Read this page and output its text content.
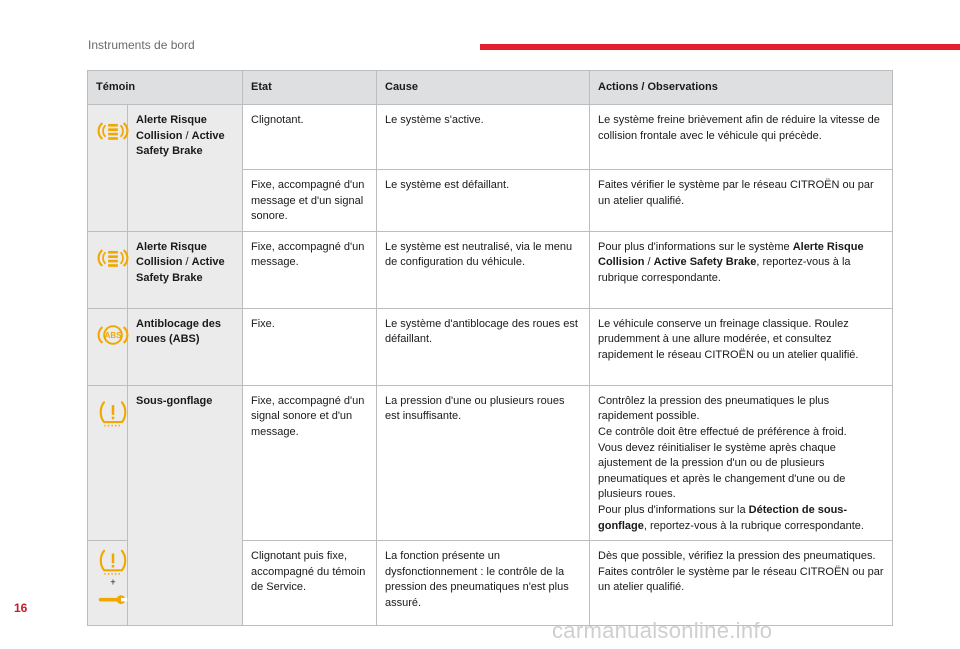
Instruments de bord
Témoin		Etat	Cause	Actions / Observations
	Alerte Risque Collision / Active Safety Brake	Clignotant.	Le système s'active.	Le système freine brièvement afin de réduire la vitesse de collision frontale avec le véhicule qui précède.
		Fixe, accompagné d'un message et d'un signal sonore.	Le système est défaillant.	Faites vérifier le système par le réseau CITROËN ou par un atelier qualifié.
	Alerte Risque Collision / Active Safety Brake	Fixe, accompagné d'un message.	Le système est neutralisé, via le menu de configuration du véhicule.	Pour plus d'informations sur le système Alerte Risque Collision / Active Safety Brake, reportez-vous à la rubrique correspondante.

ABS	Antiblocage des roues (ABS)	Fixe.	Le système d'antiblocage des roues est défaillant.	Le véhicule conserve un freinage classique. Roulez prudemment à une allure modérée, et consultez rapidement le réseau CITROËN ou un atelier qualifié.
	Sous-gonflage	Fixe, accompagné d'un signal sonore et d'un message.	La pression d'une ou plusieurs roues est insuffisante.	Contrôlez la pression des pneumatiques le plus rapidement possible.
Ce contrôle doit être effectué de préférence à froid.
Vous devez réinitialiser le système après chaque ajustement de la pression d'un ou de plusieurs pneumatiques et après le changement d'une ou de plusieurs roues.
Pour plus d'informations sur la Détection de sous-gonflage, reportez-vous à la rubrique correspondante.

+		Clignotant puis fixe, accompagné du témoin de Service.	La fonction présente un dysfonctionnement : le contrôle de la pression des pneumatiques n'est plus assuré.	Dès que possible, vérifiez la pression des pneumatiques.
Faites contrôler le système par le réseau CITROËN ou par un atelier qualifié.
16
carmanualsonline.info
